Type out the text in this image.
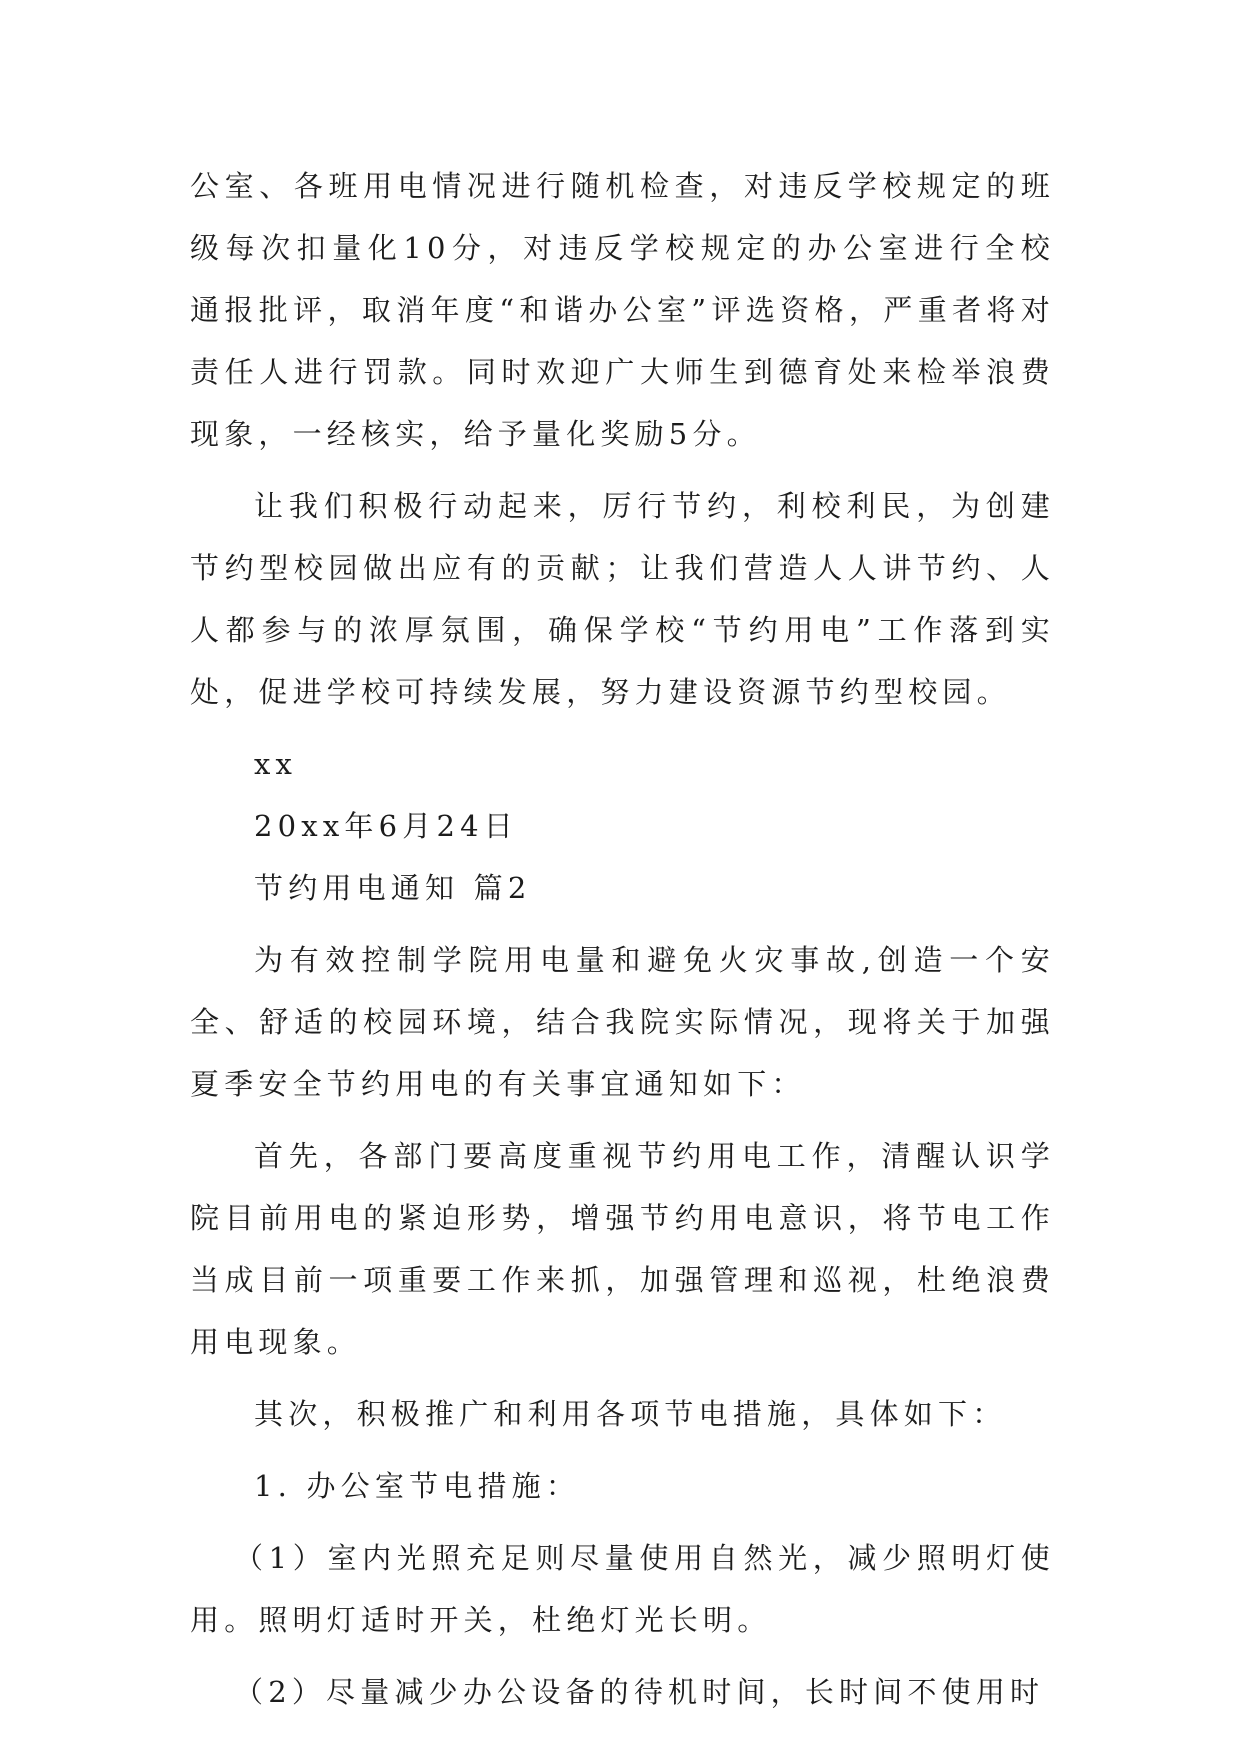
公室、各班用电情况进行随机检查，对违反学校规定的班级每次扣量化10分，对违反学校规定的办公室进行全校通报批评，取消年度“和谐办公室”评选资格，严重者将对责任人进行罚款。同时欢迎广大师生到德育处来检举浪费现象，一经核实，给予量化奖励5分。

让我们积极行动起来，厉行节约，利校利民，为创建节约型校园做出应有的贡献；让我们营造人人讲节约、人人都参与的浓厚氛围，确保学校“节约用电”工作落到实处，促进学校可持续发展，努力建设资源节约型校园。

xx

20xx年6月24日

节约用电通知 篇2

为有效控制学院用电量和避免火灾事故,创造一个安全、舒适的校园环境，结合我院实际情况，现将关于加强夏季安全节约用电的有关事宜通知如下：

首先，各部门要高度重视节约用电工作，清醒认识学院目前用电的紧迫形势，增强节约用电意识，将节电工作当成目前一项重要工作来抓，加强管理和巡视，杜绝浪费用电现象。

其次，积极推广和利用各项节电措施，具体如下：

1. 办公室节电措施：

（1）室内光照充足则尽量使用自然光，减少照明灯使用。照明灯适时开关，杜绝灯光长明。

（2）尽量减少办公设备的待机时间，长时间不使用时
